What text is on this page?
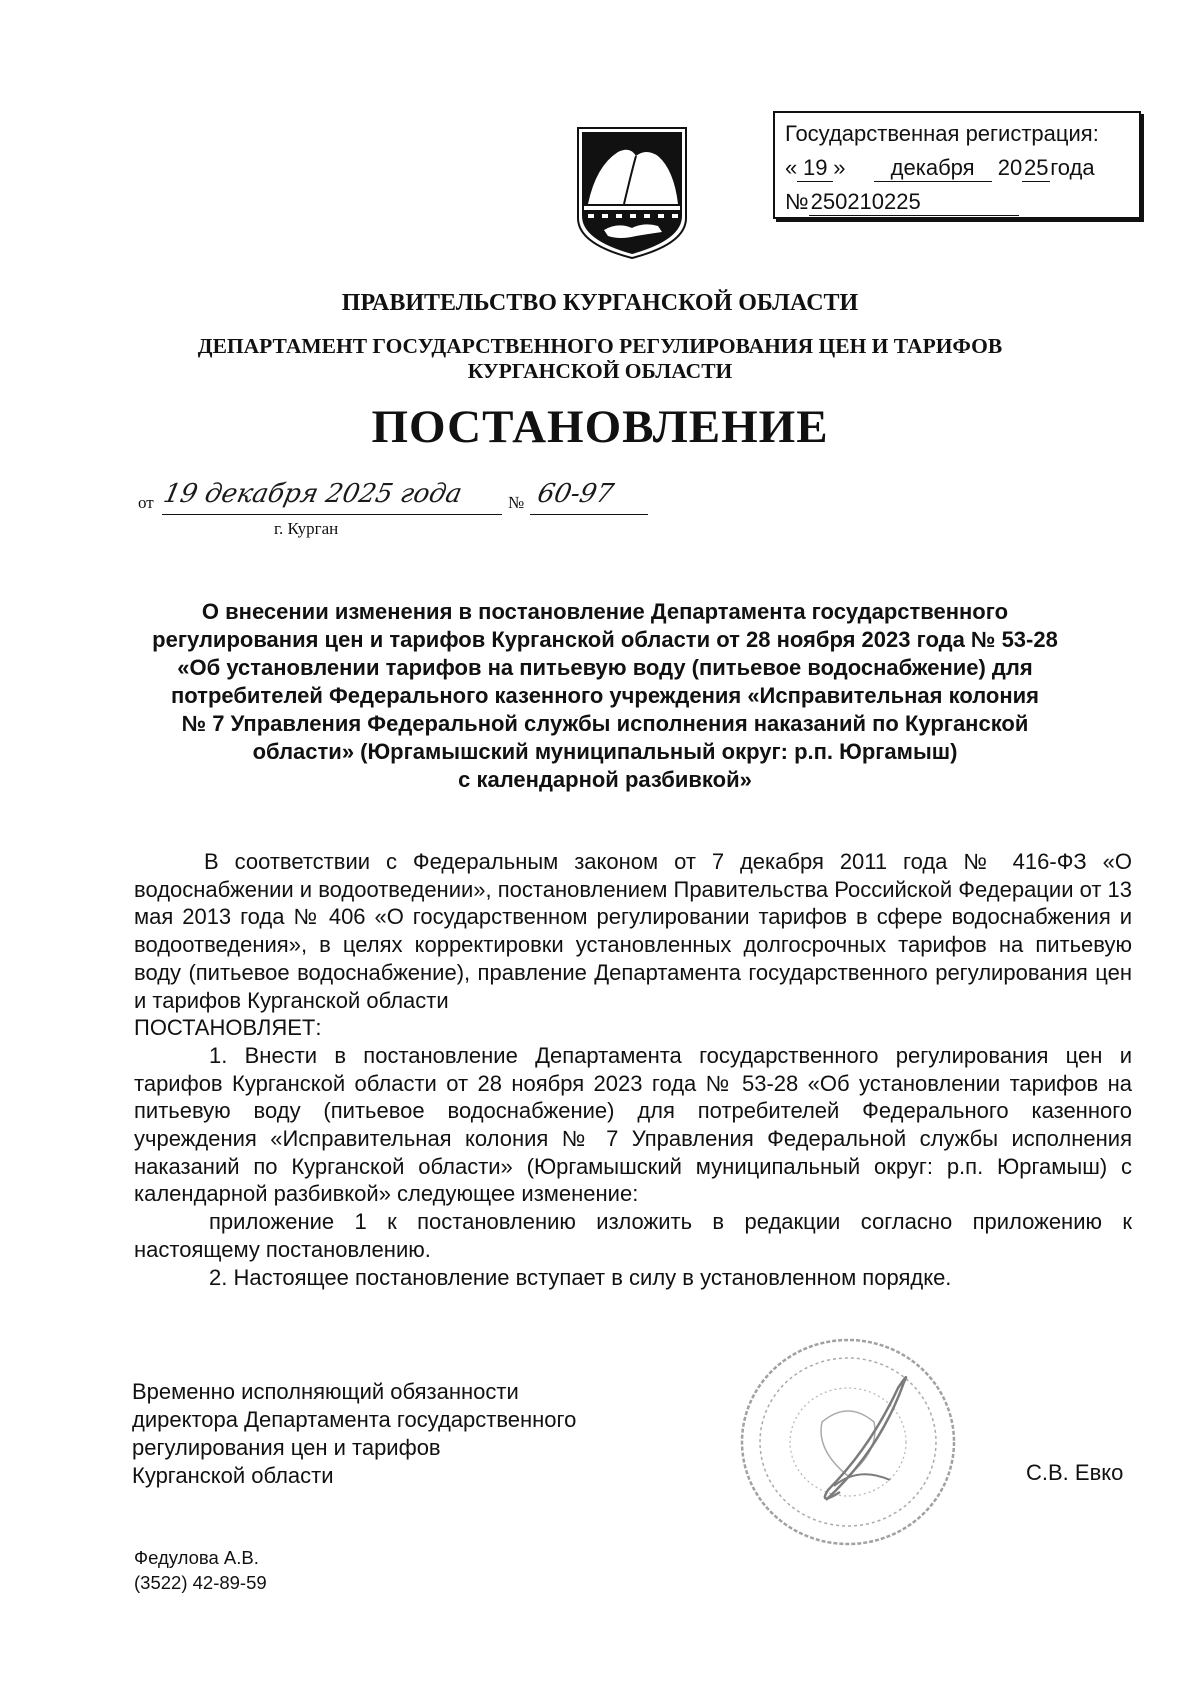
Государственная регистрация:
« 19 » декабря 2025года
№250210225
ПРАВИТЕЛЬСТВО КУРГАНСКОЙ ОБЛАСТИ
ДЕПАРТАМЕНТ ГОСУДАРСТВЕННОГО РЕГУЛИРОВАНИЯ ЦЕН И ТАРИФОВ
КУРГАНСКОЙ ОБЛАСТИ
ПОСТАНОВЛЕНИЕ
от 19 декабря 2025 года	№ 60-97
г. Курган
О внесении изменения в постановление Департамента государственного
регулирования цен и тарифов Курганской области от 28 ноября 2023 года № 53-28
«Об установлении тарифов на питьевую воду (питьевое водоснабжение) для
потребителей Федерального казенного учреждения «Исправительная колония
№ 7 Управления Федеральной службы исполнения наказаний по Курганской
области» (Юргамышский муниципальный округ: р.п. Юргамыш)
с календарной разбивкой»

В соответствии с Федеральным законом от 7 декабря 2011 года № 416-ФЗ «О водоснабжении и водоотведении», постановлением Правительства Российской Федерации от 13 мая 2013 года № 406 «О государственном регулировании тарифов в сфере водоснабжения и водоотведения», в целях корректировки установленных долгосрочных тарифов на питьевую воду (питьевое водоснабжение), правление Департамента государственного регулирования цен и тарифов Курганской области

ПОСТАНОВЛЯЕТ:

1. Внести в постановление Департамента государственного регулирования цен и тарифов Курганской области от 28 ноября 2023 года № 53-28 «Об установлении тарифов на питьевую воду (питьевое водоснабжение) для потребителей Федерального казенного учреждения «Исправительная колония № 7 Управления Федеральной службы исполнения наказаний по Курганской области» (Юргамышский муниципальный округ: р.п. Юргамыш) с календарной разбивкой» следующее изменение:

приложение 1 к постановлению изложить в редакции согласно приложению к настоящему постановлению.

2. Настоящее постановление вступает в силу в установленном порядке.

Временно исполняющий обязанности
директора Департамента государственного
регулирования цен и тарифов
Курганской области	С.В. Евко
Федулова А.В.
(3522) 42-89-59
